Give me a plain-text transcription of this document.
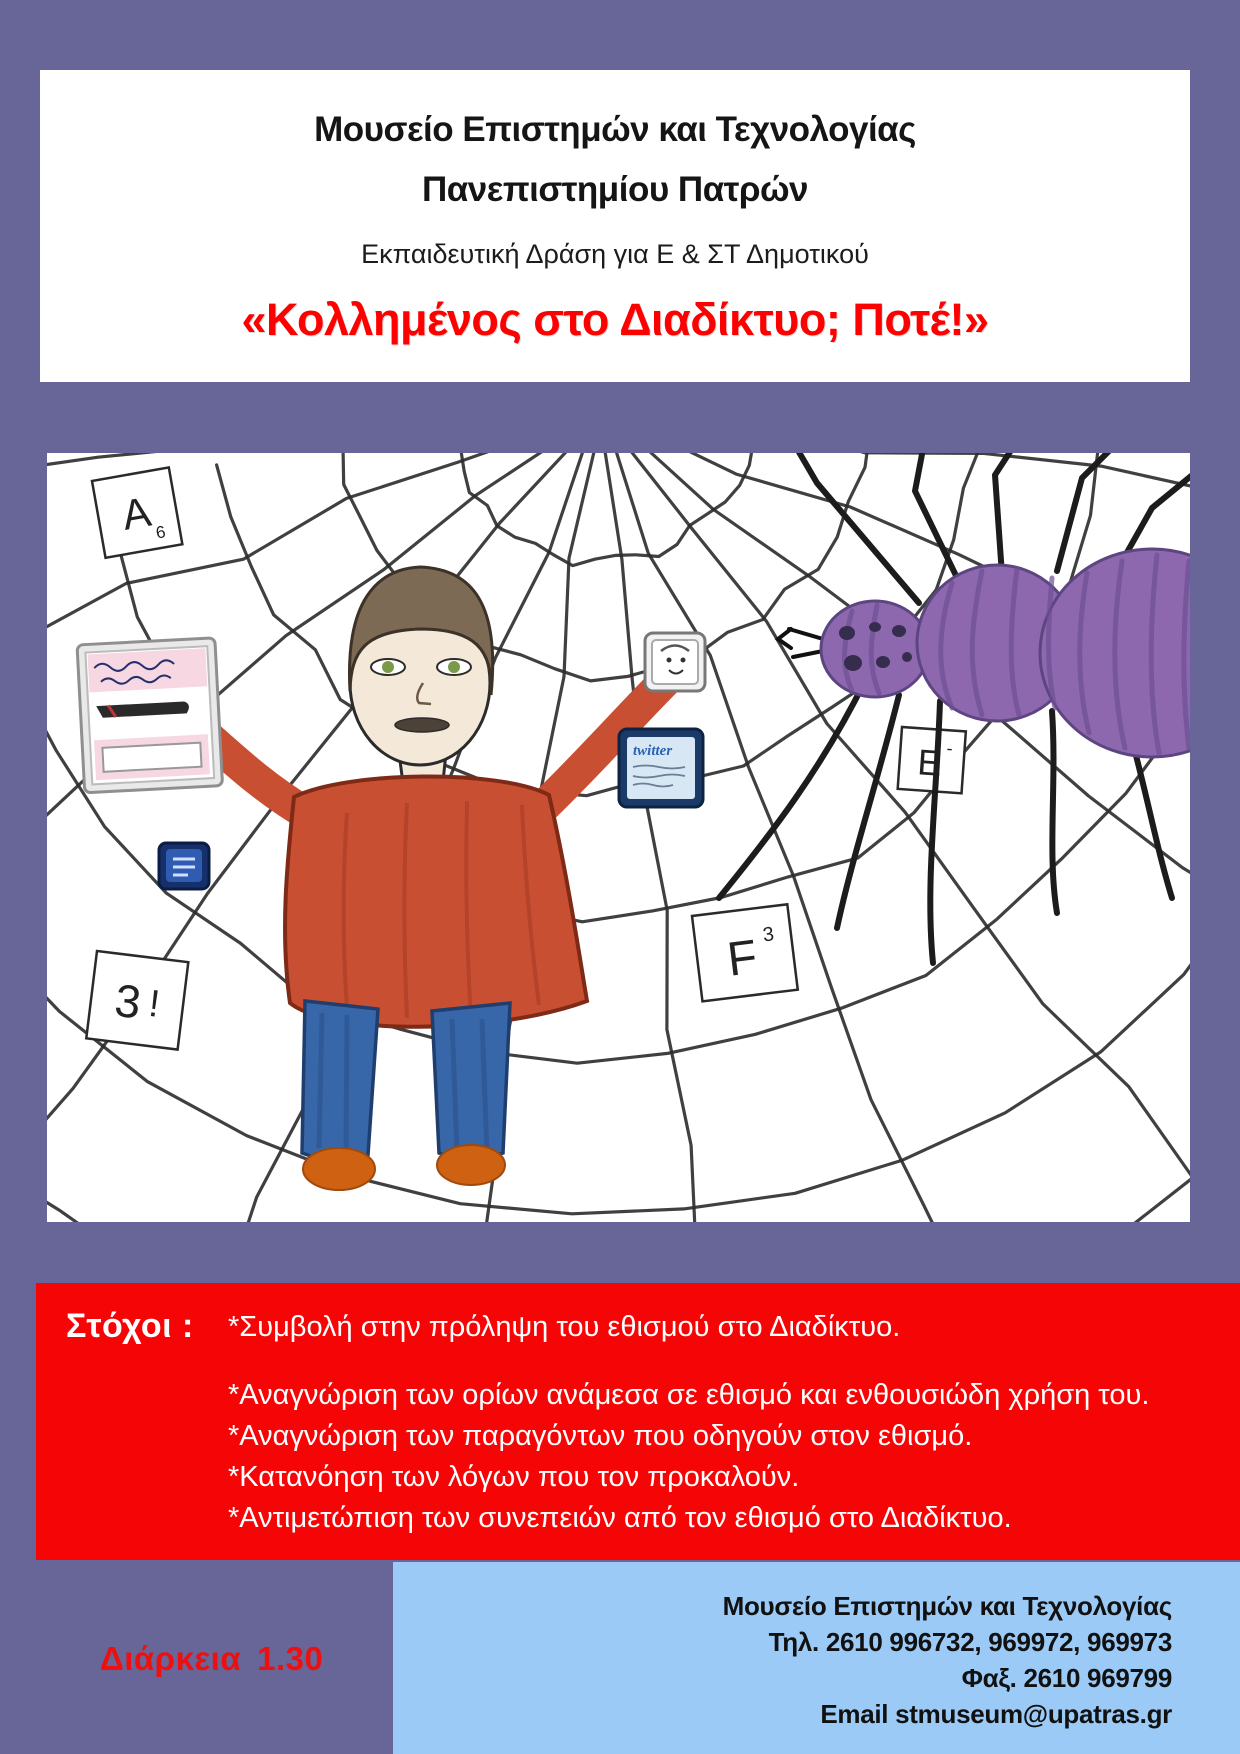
Μουσείο Επιστημών και Τεχνολογίας
Πανεπιστημίου Πατρών
Εκπαιδευτική Δράση για Ε & ΣΤ Δημοτικού
«Κολλημένος στο Διαδίκτυο; Ποτέ!»
A 6
3 !
E -
F 3
twitter
Στόχοι :	*Συμβολή στην πρόληψη του εθισμού στο Διαδίκτυο.
*Αναγνώριση των ορίων ανάμεσα σε εθισμό και ενθουσιώδη χρήση του.
*Αναγνώριση των παραγόντων που οδηγούν στον εθισμό.
*Κατανόηση των λόγων που τον προκαλούν.
*Αντιμετώπιση των συνεπειών από τον εθισμό στο Διαδίκτυο.
Διάρκεια 1.30
Μουσείο Επιστημών και Τεχνολογίας
Τηλ. 2610 996732, 969972, 969973
Φαξ. 2610 969799
Email stmuseum@upatras.gr
